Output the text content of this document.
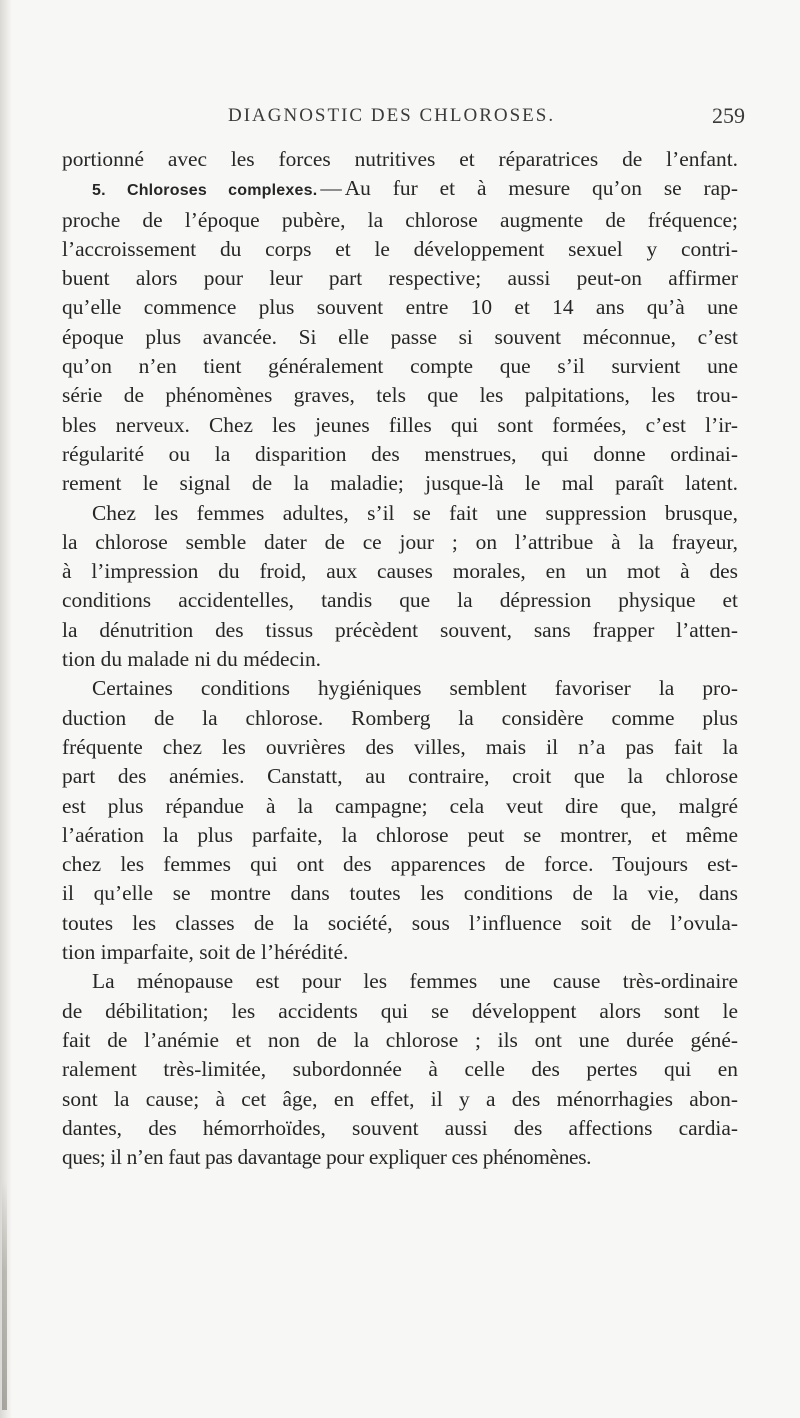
DIAGNOSTIC DES CHLOROSES.	259
portionné avec les forces nutritives et réparatrices de l’enfant.
5. Chloroses complexes. — Au fur et à mesure qu’on se rap-
proche de l’époque pubère, la chlorose augmente de fréquence;
l’accroissement du corps et le développement sexuel y contri-
buent alors pour leur part respective; aussi peut-on affirmer
qu’elle commence plus souvent entre 10 et 14 ans qu’à une
époque plus avancée. Si elle passe si souvent méconnue, c’est
qu’on n’en tient généralement compte que s’il survient une
série de phénomènes graves, tels que les palpitations, les trou-
bles nerveux. Chez les jeunes filles qui sont formées, c’est l’ir-
régularité ou la disparition des menstrues, qui donne ordinai-
rement le signal de la maladie; jusque-là le mal paraît latent.
Chez les femmes adultes, s’il se fait une suppression brusque,
la chlorose semble dater de ce jour ; on l’attribue à la frayeur,
à l’impression du froid, aux causes morales, en un mot à des
conditions accidentelles, tandis que la dépression physique et
la dénutrition des tissus précèdent souvent, sans frapper l’atten-
tion du malade ni du médecin.
Certaines conditions hygiéniques semblent favoriser la pro-
duction de la chlorose. Romberg la considère comme plus
fréquente chez les ouvrières des villes, mais il n’a pas fait la
part des anémies. Canstatt, au contraire, croit que la chlorose
est plus répandue à la campagne; cela veut dire que, malgré
l’aération la plus parfaite, la chlorose peut se montrer, et même
chez les femmes qui ont des apparences de force. Toujours est-
il qu’elle se montre dans toutes les conditions de la vie, dans
toutes les classes de la société, sous l’influence soit de l’ovula-
tion imparfaite, soit de l’hérédité.
La ménopause est pour les femmes une cause très-ordinaire
de débilitation; les accidents qui se développent alors sont le
fait de l’anémie et non de la chlorose ; ils ont une durée géné-
ralement très-limitée, subordonnée à celle des pertes qui en
sont la cause; à cet âge, en effet, il y a des ménorrhagies abon-
dantes, des hémorrhoïdes, souvent aussi des affections cardia-
ques; il n’en faut pas davantage pour expliquer ces phénomènes.
